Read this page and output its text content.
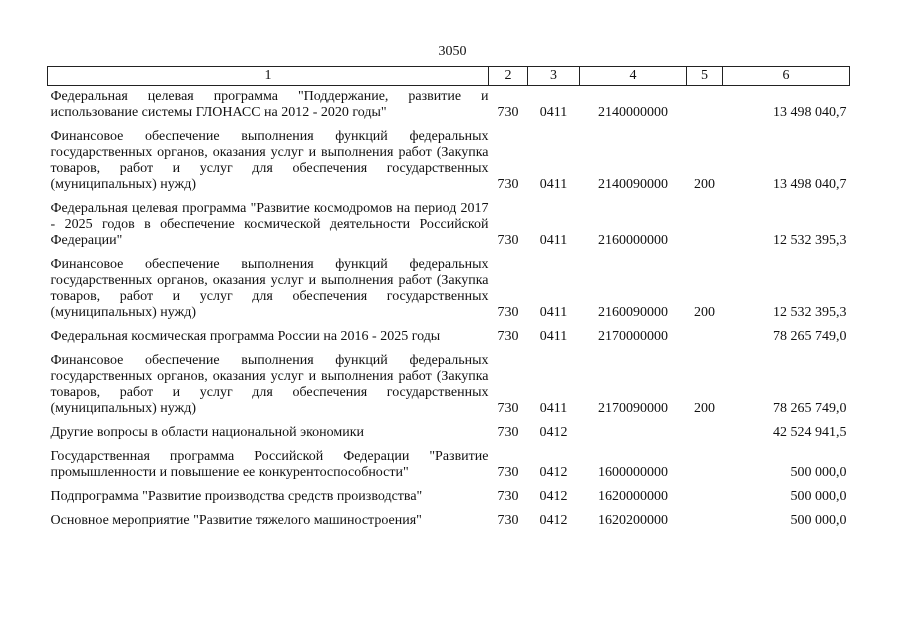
3050
1	2	3	4	5	6
Федеральная целевая программа "Поддержание, развитие и использование системы ГЛОНАСС на 2012 - 2020 годы"	730	0411	2140000000		13 498 040,7
Финансовое обеспечение выполнения функций федеральных государственных органов, оказания услуг и выполнения работ (Закупка товаров, работ и услуг для обеспечения государственных (муниципальных) нужд)	730	0411	2140090000	200	13 498 040,7
Федеральная целевая программа "Развитие космодромов на период 2017 - 2025 годов в обеспечение космической деятельности Российской Федерации"	730	0411	2160000000		12 532 395,3
Финансовое обеспечение выполнения функций федеральных государственных органов, оказания услуг и выполнения работ (Закупка товаров, работ и услуг для обеспечения государственных (муниципальных) нужд)	730	0411	2160090000	200	12 532 395,3
Федеральная космическая программа России на 2016 - 2025 годы	730	0411	2170000000		78 265 749,0
Финансовое обеспечение выполнения функций федеральных государственных органов, оказания услуг и выполнения работ (Закупка товаров, работ и услуг для обеспечения государственных (муниципальных) нужд)	730	0411	2170090000	200	78 265 749,0
Другие вопросы в области национальной экономики	730	0412			42 524 941,5
Государственная программа Российской Федерации "Развитие промышленности и повышение ее конкурентоспособности"	730	0412	1600000000		500 000,0
Подпрограмма "Развитие производства средств производства"	730	0412	1620000000		500 000,0
Основное мероприятие "Развитие тяжелого машиностроения"	730	0412	1620200000		500 000,0
